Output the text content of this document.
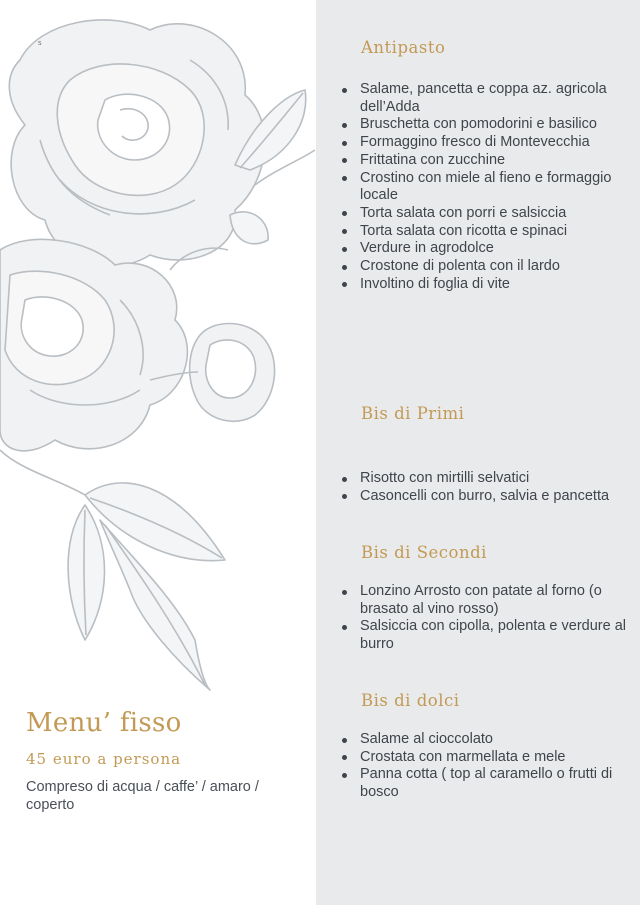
s
Menu’ fisso
45 euro a persona
Compreso di acqua / caffe’ / amaro / coperto
Antipasto
Salame, pancetta e coppa az. agricola dell’Adda
Bruschetta con pomodorini e basilico
Formaggino fresco di Montevecchia
Frittatina con zucchine
Crostino con miele al fieno e formaggio locale
Torta salata con porri e salsiccia
Torta salata con ricotta e spinaci
Verdure in agrodolce
Crostone di polenta con il lardo
Involtino di foglia di vite
Bis di Primi
Risotto con mirtilli selvatici
Casoncelli con burro, salvia e pancetta
Bis di Secondi
Lonzino Arrosto con patate al forno (o brasato al vino rosso)
Salsiccia con cipolla, polenta e verdure al burro
Bis di dolci
Salame al cioccolato
Crostata con marmellata e mele
Panna cotta ( top al caramello o frutti di bosco
